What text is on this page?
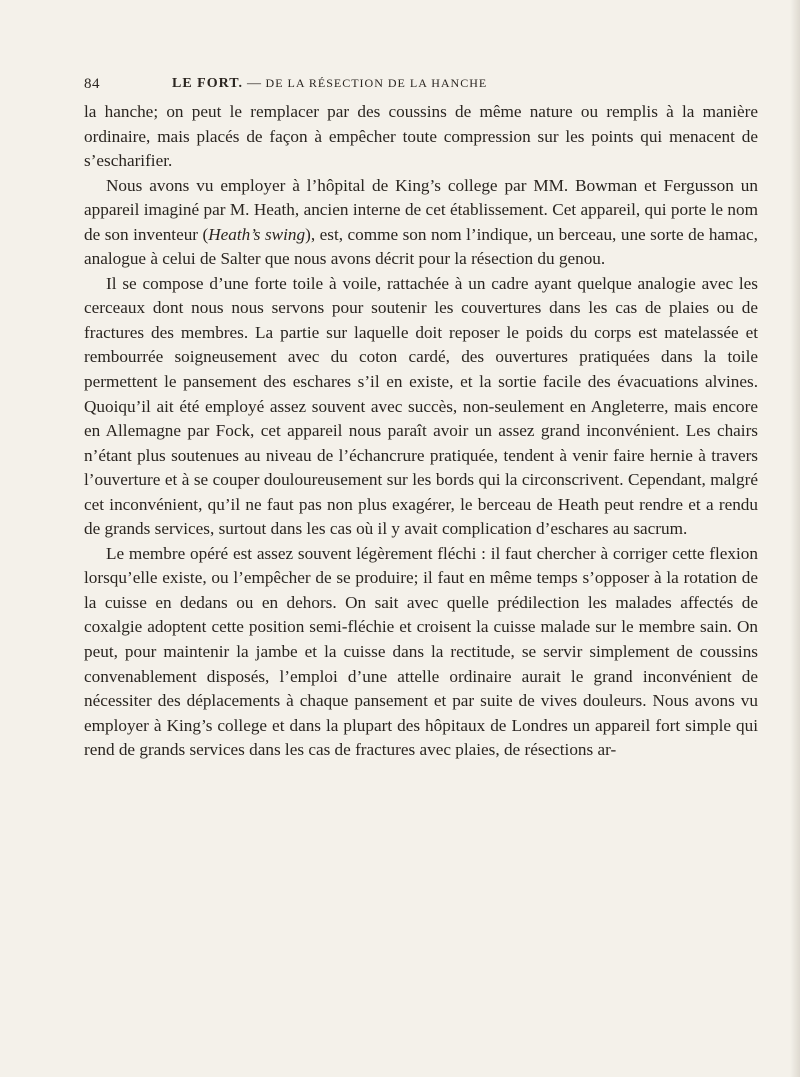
84	LE FORT. — DE LA RÉSECTION DE LA HANCHE

la hanche; on peut le remplacer par des coussins de même nature ou remplis à la manière ordinaire, mais placés de façon à empêcher toute compression sur les points qui menacent de s’escharifier.

Nous avons vu employer à l’hôpital de King’s college par MM. Bowman et Fergusson un appareil imaginé par M. Heath, ancien interne de cet établissement. Cet appareil, qui porte le nom de son inventeur (Heath’s swing), est, comme son nom l’indique, un berceau, une sorte de hamac, analogue à celui de Salter que nous avons décrit pour la résection du genou.

Il se compose d’une forte toile à voile, rattachée à un cadre ayant quelque analogie avec les cerceaux dont nous nous servons pour soutenir les couvertures dans les cas de plaies ou de fractures des membres. La partie sur laquelle doit reposer le poids du corps est matelassée et rembourrée soigneusement avec du coton cardé, des ouvertures pratiquées dans la toile permettent le pansement des eschares s’il en existe, et la sortie facile des évacuations alvines. Quoiqu’il ait été employé assez souvent avec succès, non-seulement en Angleterre, mais encore en Allemagne par Fock, cet appareil nous paraît avoir un assez grand inconvénient. Les chairs n’étant plus soutenues au niveau de l’échancrure pratiquée, tendent à venir faire hernie à travers l’ouverture et à se couper douloureusement sur les bords qui la circonscrivent. Cependant, malgré cet inconvénient, qu’il ne faut pas non plus exagérer, le berceau de Heath peut rendre et a rendu de grands services, surtout dans les cas où il y avait complication d’eschares au sacrum.

Le membre opéré est assez souvent légèrement fléchi : il faut chercher à corriger cette flexion lorsqu’elle existe, ou l’empêcher de se produire; il faut en même temps s’opposer à la rotation de la cuisse en dedans ou en dehors. On sait avec quelle prédilection les malades affectés de coxalgie adoptent cette position semi-fléchie et croisent la cuisse malade sur le membre sain. On peut, pour maintenir la jambe et la cuisse dans la rectitude, se servir simplement de coussins convenablement disposés, l’emploi d’une attelle ordinaire aurait le grand inconvénient de nécessiter des déplacements à chaque pansement et par suite de vives douleurs. Nous avons vu employer à King’s college et dans la plupart des hôpitaux de Londres un appareil fort simple qui rend de grands services dans les cas de fractures avec plaies, de résections ar-
